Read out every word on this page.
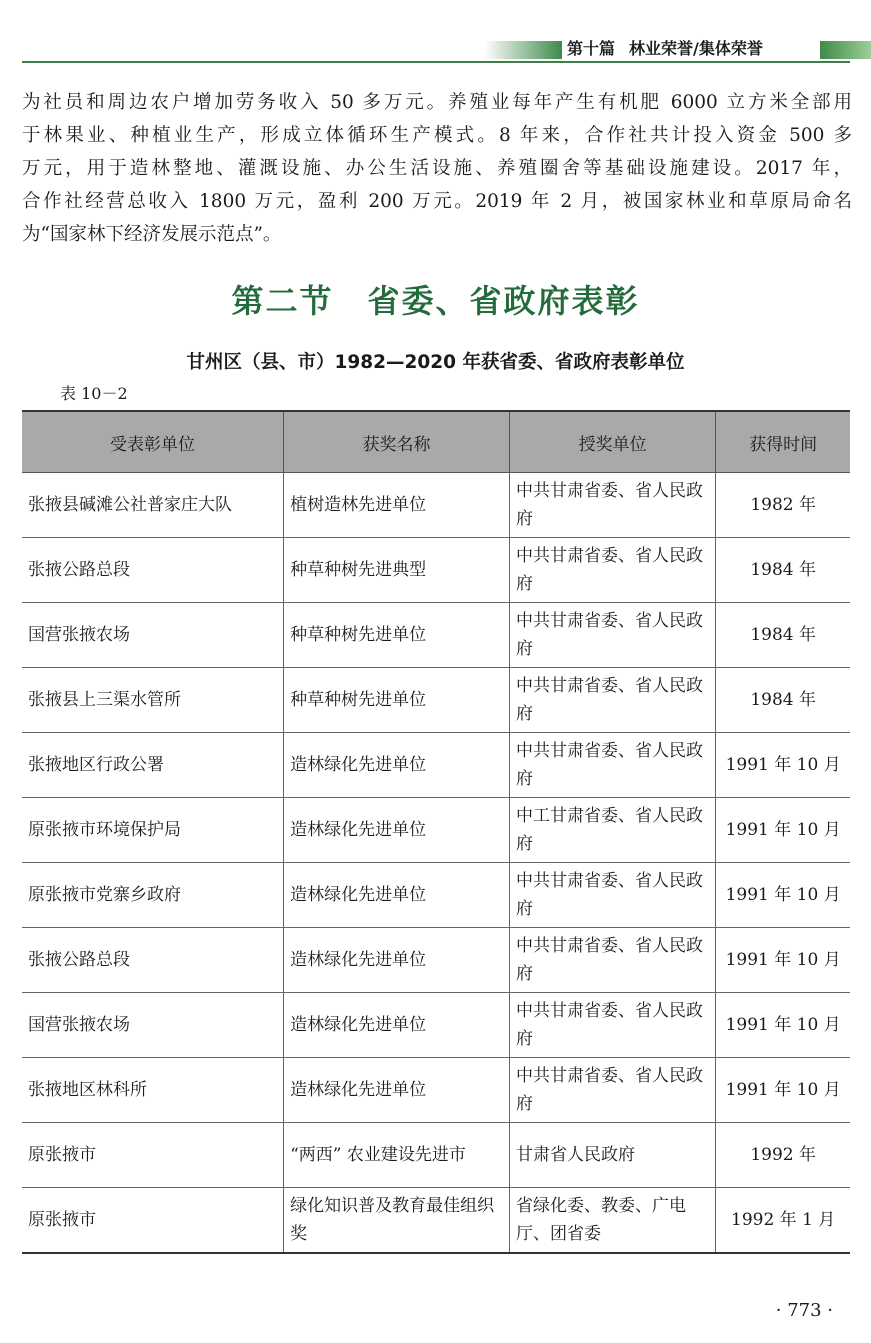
第十篇 林业荣誉/集体荣誉

为社员和周边农户增加劳务收入 50 多万元。养殖业每年产生有机肥 6000 立方米全部用

于林果业、种植业生产，形成立体循环生产模式。8 年来，合作社共计投入资金 500 多

万元，用于造林整地、灌溉设施、办公生活设施、养殖圈舍等基础设施建设。2017 年，

合作社经营总收入 1800 万元，盈利 200 万元。2019 年 2 月，被国家林业和草原局命名

为“国家林下经济发展示范点”。

第二节　省委、省政府表彰
甘州区（县、市）1982—2020 年获省委、省政府表彰单位
表 10－2
受表彰单位	获奖名称	授奖单位	获得时间
张掖县碱滩公社普家庄大队	植树造林先进单位	中共甘肃省委、省人民政府	1982 年
张掖公路总段	种草种树先进典型	中共甘肃省委、省人民政府	1984 年
国营张掖农场	种草种树先进单位	中共甘肃省委、省人民政府	1984 年
张掖县上三渠水管所	种草种树先进单位	中共甘肃省委、省人民政府	1984 年
张掖地区行政公署	造林绿化先进单位	中共甘肃省委、省人民政府	1991 年 10 月
原张掖市环境保护局	造林绿化先进单位	中工甘肃省委、省人民政府	1991 年 10 月
原张掖市党寨乡政府	造林绿化先进单位	中共甘肃省委、省人民政府	1991 年 10 月
张掖公路总段	造林绿化先进单位	中共甘肃省委、省人民政府	1991 年 10 月
国营张掖农场	造林绿化先进单位	中共甘肃省委、省人民政府	1991 年 10 月
张掖地区林科所	造林绿化先进单位	中共甘肃省委、省人民政府	1991 年 10 月
原张掖市	“两西” 农业建设先进市	甘肃省人民政府	1992 年
原张掖市	绿化知识普及教育最佳组织奖	省绿化委、教委、广电厅、团省委	1992 年 1 月
· 773 ·
